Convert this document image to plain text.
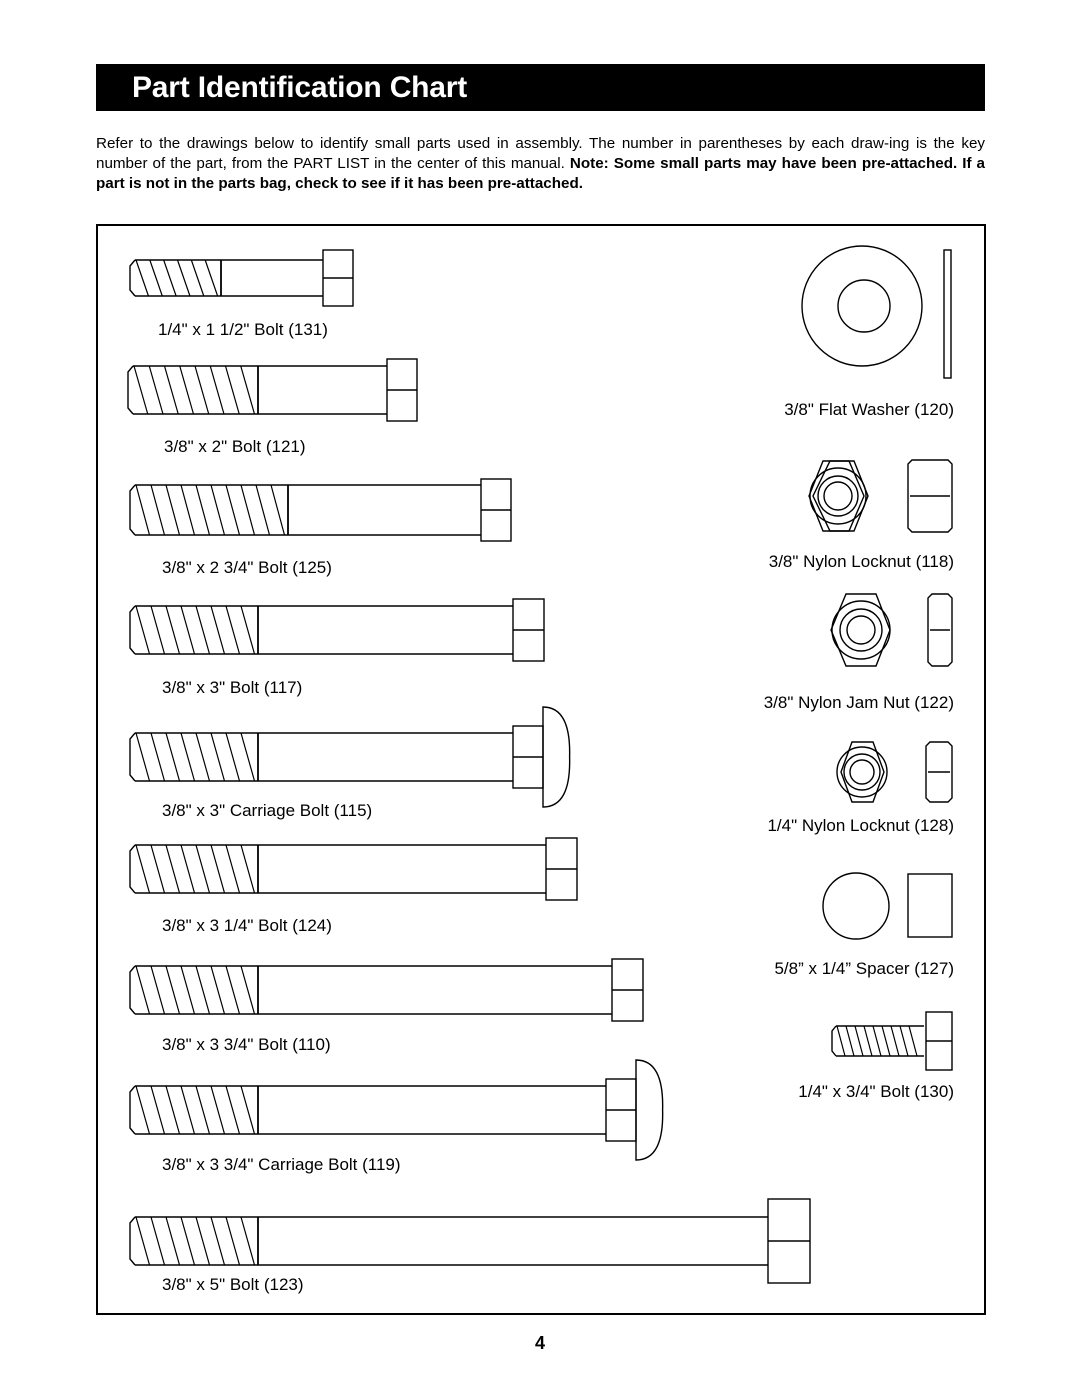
Part Identification Chart

Refer to the drawings below to identify small parts used in assembly. The number in parentheses by each draw-ing is the key number of the part, from the PART LIST in the center of this manual. Note: Some small parts may have been pre-attached. If a part is not in the parts bag, check to see if it has been pre-attached.

1/4" x 1 1/2" Bolt (131)
3/8" x 2" Bolt (121)
3/8" x 2 3/4" Bolt (125)
3/8" x 3" Bolt (117)
3/8" x 3" Carriage Bolt (115)
3/8" x 3 1/4" Bolt (124)
3/8" x 3 3/4" Bolt (110)
3/8" x 3 3/4" Carriage Bolt (119)
3/8" x 5" Bolt (123)
3/8" Flat Washer (120)
3/8" Nylon Locknut (118)
3/8" Nylon Jam Nut (122)
1/4" Nylon Locknut (128)
5/8” x 1/4” Spacer (127)
1/4" x 3/4" Bolt (130)
4
